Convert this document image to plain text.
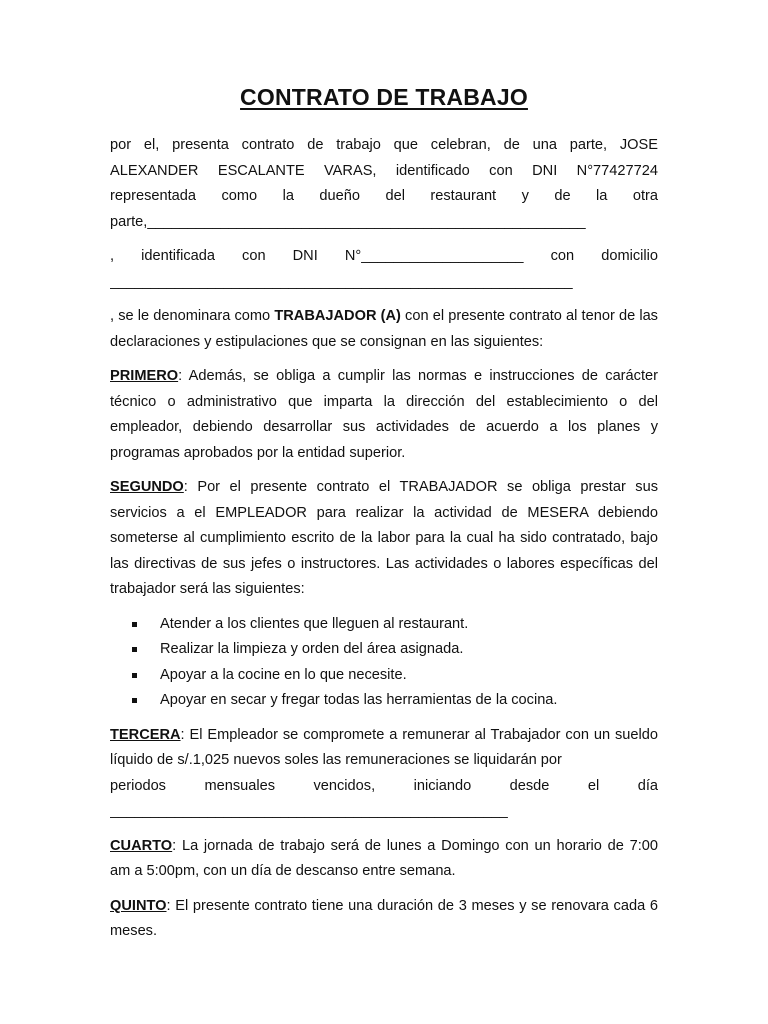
CONTRATO DE TRABAJO
por el, presenta contrato de trabajo que celebran, de una parte, JOSE
ALEXANDER ESCALANTE VARAS, identificado con DNI N°77427724
representada como la dueño del restaurant y de la otra
parte,______________________________________________________
, identificada con DNI N°____________________ con domicilio
_________________________________________________________

, se le denominara como TRABAJADOR (A) con el presente contrato al tenor de las declaraciones y estipulaciones que se consignan en las siguientes:

PRIMERO: Además, se obliga a cumplir las normas e instrucciones de carácter técnico o administrativo que imparta la dirección del establecimiento o del empleador, debiendo desarrollar sus actividades de acuerdo a los planes y programas aprobados por la entidad superior.

SEGUNDO: Por el presente contrato el TRABAJADOR se obliga prestar sus servicios a el EMPLEADOR para realizar la actividad de MESERA debiendo someterse al cumplimiento escrito de la labor para la cual ha sido contratado, bajo las directivas de sus jefes o instructores. Las actividades o labores específicas del trabajador será las siguientes:

Atender a los clientes que lleguen al restaurant.
Realizar la limpieza y orden del área asignada.
Apoyar a la cocine en lo que necesite.
Apoyar en secar y fregar todas las herramientas de la cocina.
TERCERA: El Empleador se compromete a remunerar al Trabajador con un sueldo líquido de s/.1,025 nuevos soles las remuneraciones se liquidarán por
periodos mensuales vencidos, iniciando desde el día
_________________________________________________

CUARTO: La jornada de trabajo será de lunes a Domingo con un horario de 7:00 am a 5:00pm, con un día de descanso entre semana.

QUINTO: El presente contrato tiene una duración de 3 meses y se renovara cada 6 meses.
